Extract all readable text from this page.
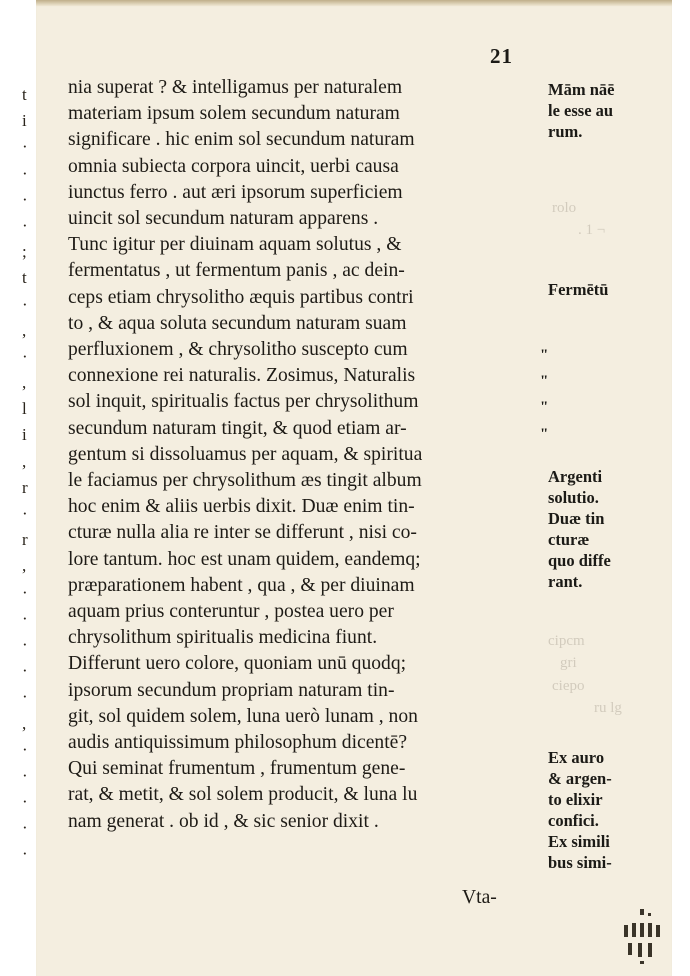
t
i
·
·
·
·
;
t
·
,
·
,
l
i
,
r
·
r
,
·
·
·
·
·
,
·
·
·
·
·
21
rolo
. 1 ¬
cipcm
gri
ciepo
ru lg
nia superat ? & intelligamus per naturalem
materiam ipsum solem secundum naturam
significare . hic enim sol secundum naturam
omnia subiecta corpora uincit, uerbi causa
iunctus ferro . aut æri ipsorum superficiem
uincit sol secundum naturam apparens .
Tunc igitur per diuinam aquam solutus , &
fermentatus , ut fermentum panis , ac dein-
ceps etiam chrysolitho æquis partibus contri
to , & aqua soluta secundum naturam suam
perfluxionem , & chrysolitho suscepto cum
connexione rei naturalis. Zosimus, Naturalis
sol inquit, spiritualis factus per chrysolithum
secundum naturam tingit, & quod etiam ar-
gentum si dissoluamus per aquam, & spiritua
le faciamus per chrysolithum æs tingit album
hoc enim & aliis uerbis dixit. Duæ enim tin-
cturæ nulla alia re inter se differunt , nisi co-
lore tantum. hoc est unam quidem, eandemq;
præparationem habent , qua , & per diuinam
aquam prius conteruntur , postea uero per
chrysolithum spiritualis medicina fiunt.
Differunt uero colore, quoniam unū quodq;
ipsorum secundum propriam naturam tin-
git, sol quidem solem, luna uerò lunam , non
audis antiquissimum philosophum dicentē?
Qui seminat frumentum , frumentum gene-
rat, & metit, & sol solem producit, & luna lu
nam generat . ob id , & sic senior dixit .
Vta-
Mām nāē
le esse au
rum.
Fermētū
"
"
"
"
Argenti
solutio.
Duæ tin
cturæ
quo diffe
rant.
Ex auro
& argen-
to elixir
confici.
Ex simili
bus simi-
